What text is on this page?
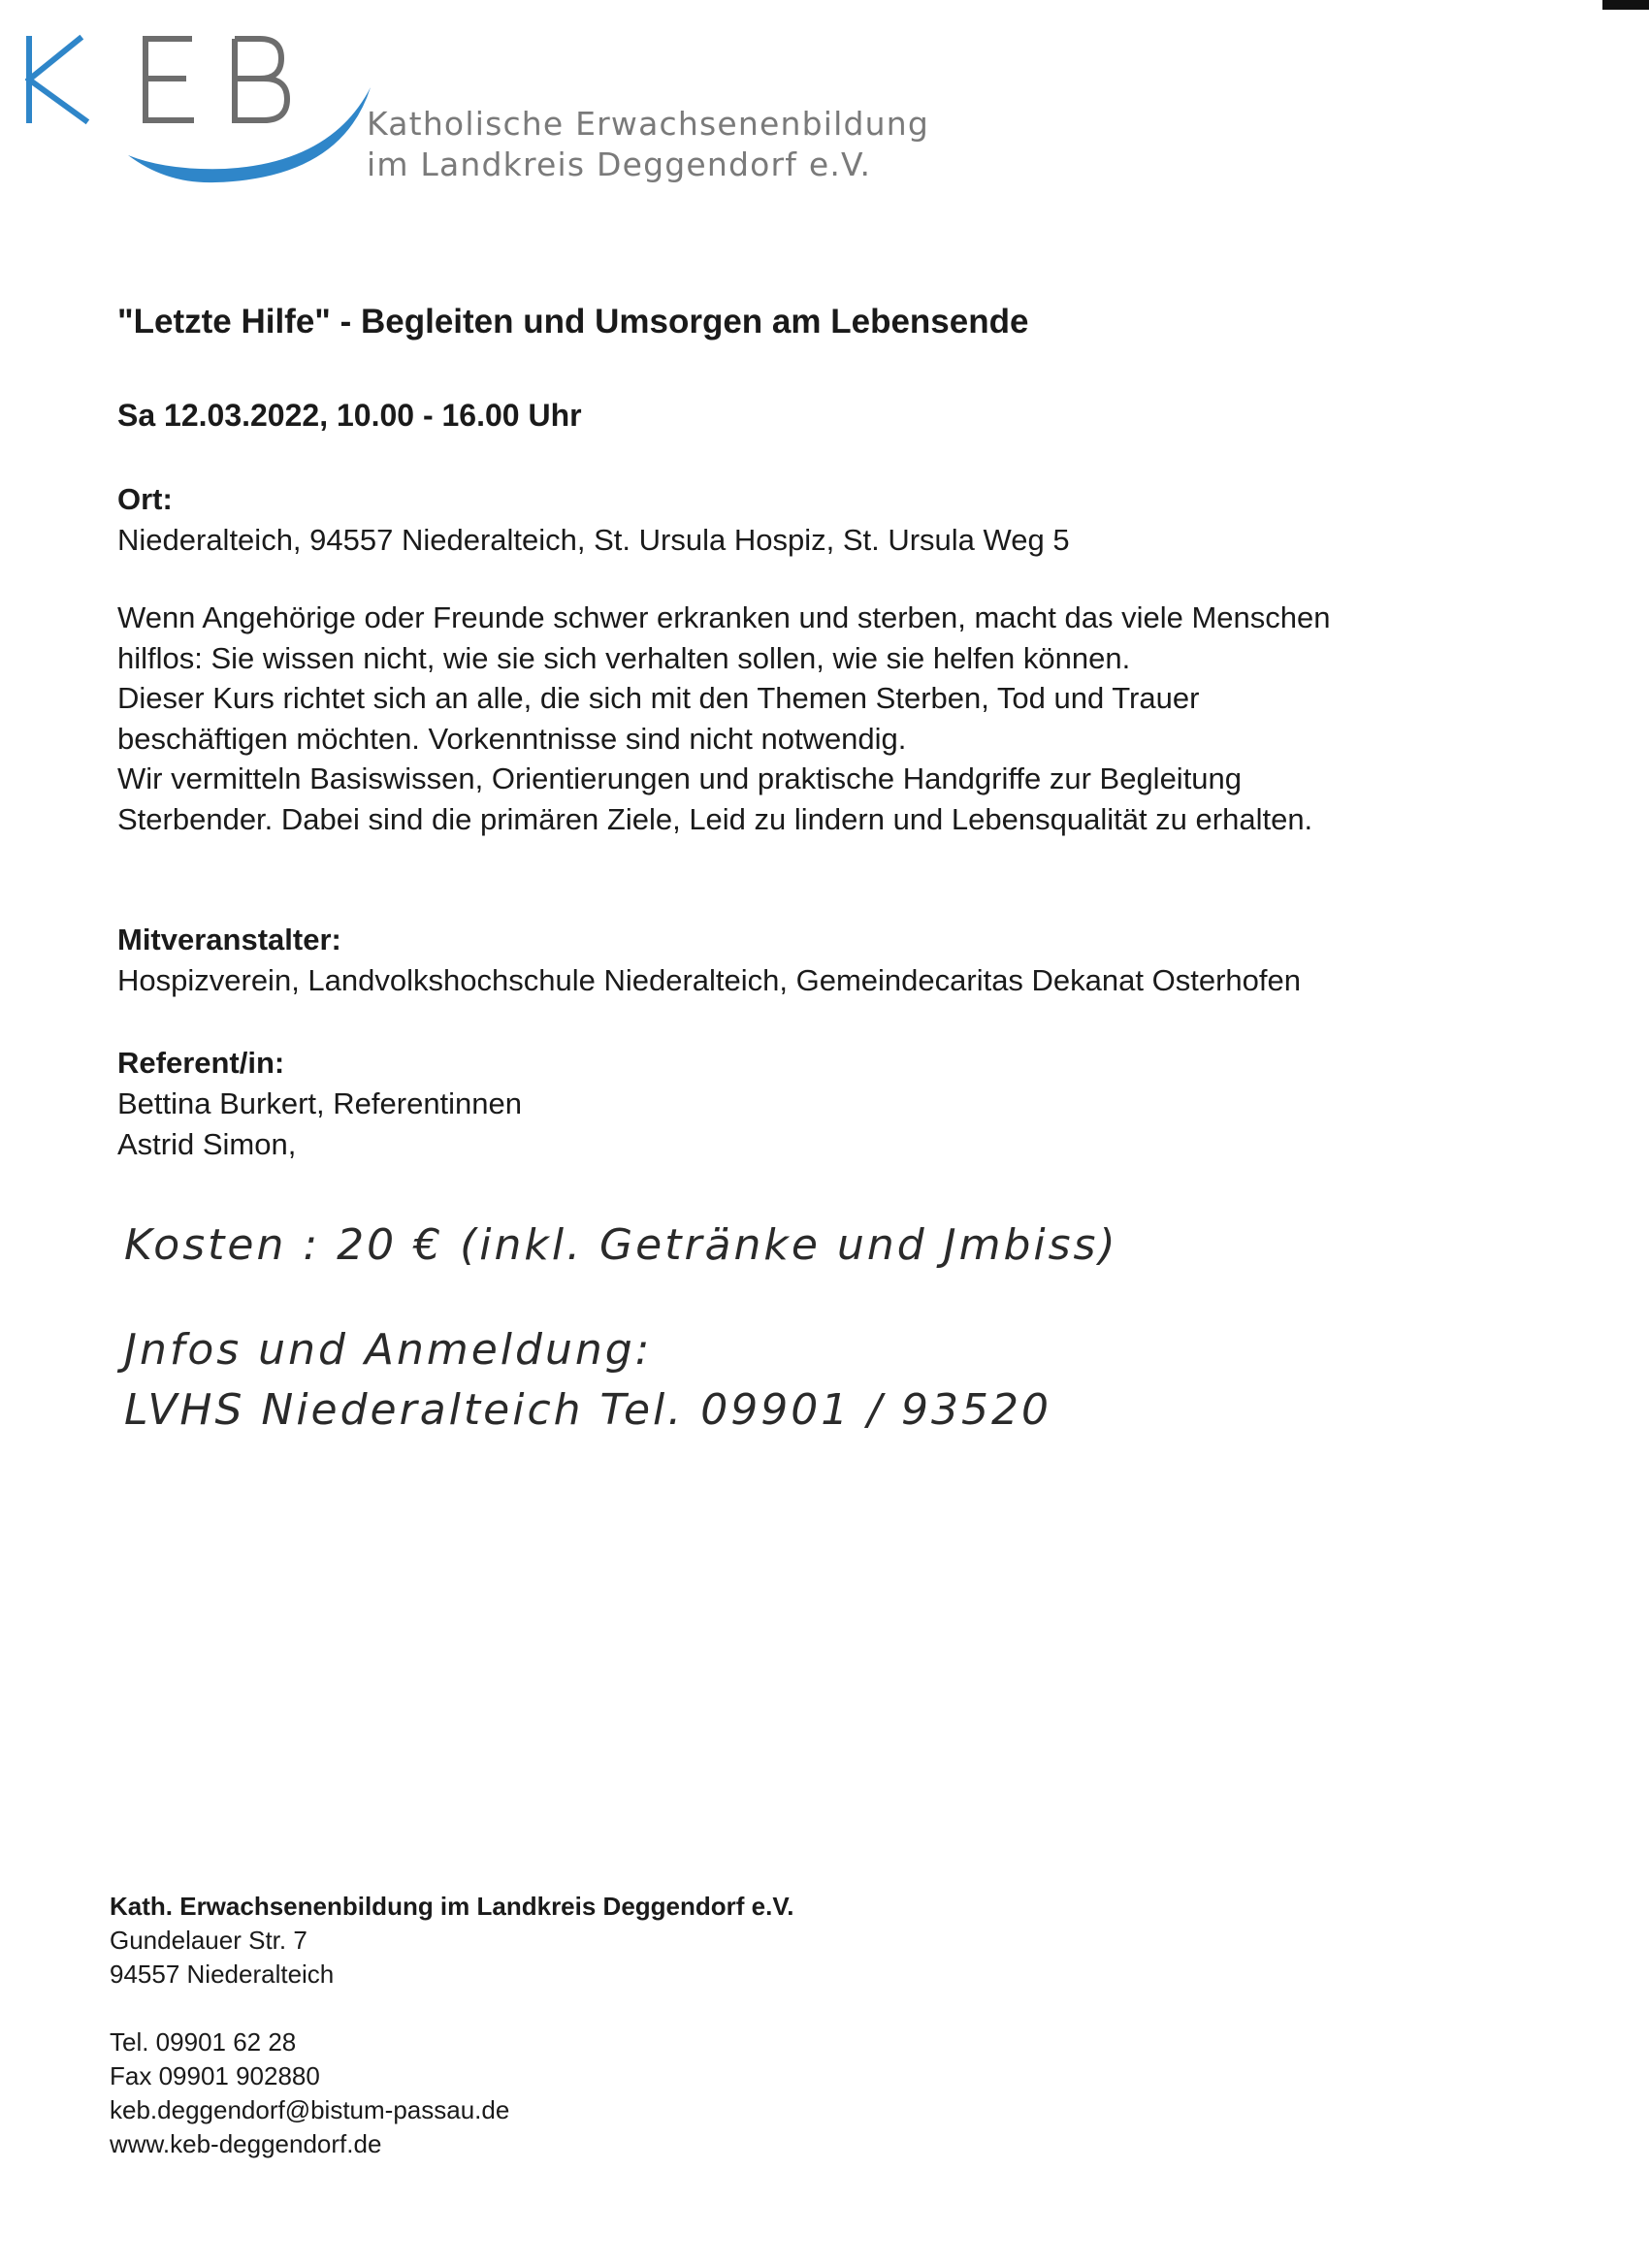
Katholische Erwachsenenbildung
im Landkreis Deggendorf e.V.
"Letzte Hilfe" - Begleiten und Umsorgen am Lebensende
Sa 12.03.2022, 10.00 - 16.00 Uhr
Ort:
Niederalteich, 94557 Niederalteich, St. Ursula Hospiz, St. Ursula Weg 5
Wenn Angehörige oder Freunde schwer erkranken und sterben, macht das viele Menschen
hilflos: Sie wissen nicht, wie sie sich verhalten sollen, wie sie helfen können.
Dieser Kurs richtet sich an alle, die sich mit den Themen Sterben, Tod und Trauer
beschäftigen möchten. Vorkenntnisse sind nicht notwendig.
Wir vermitteln Basiswissen, Orientierungen und praktische Handgriffe zur Begleitung
Sterbender. Dabei sind die primären Ziele, Leid zu lindern und Lebensqualität zu erhalten.
Mitveranstalter:
Hospizverein, Landvolkshochschule Niederalteich, Gemeindecaritas Dekanat Osterhofen
Referent/in:
Bettina Burkert, Referentinnen
Astrid Simon,
Kosten : 20 € (inkl. Getränke und Jmbiss)
Jnfos und Anmeldung:
LVHS Niederalteich Tel. 09901 / 93520
Kath. Erwachsenenbildung im Landkreis Deggendorf e.V.
Gundelauer Str. 7
94557 Niederalteich
Tel. 09901 62 28
Fax 09901 902880
keb.deggendorf@bistum-passau.de
www.keb-deggendorf.de
